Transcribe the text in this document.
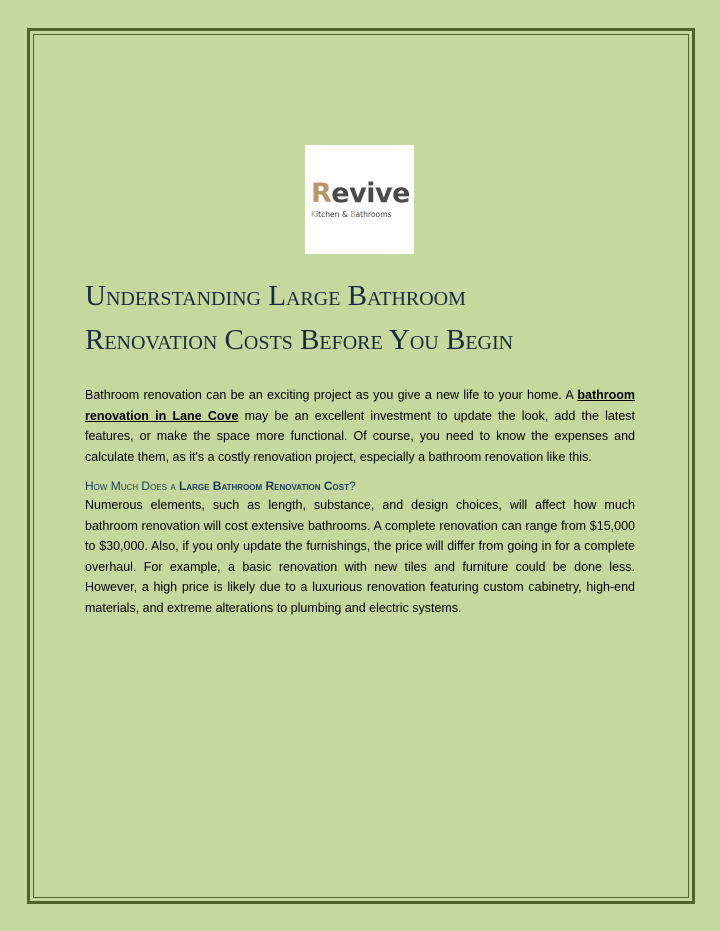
Revive
Kitchen & Bathrooms
Understanding Large Bathroom
Renovation Costs Before You Begin

Bathroom renovation can be an exciting project as you give a new life to your home. A bathroom renovation in Lane Cove may be an excellent investment to update the look, add the latest features, or make the space more functional. Of course, you need to know the expenses and calculate them, as it's a costly renovation project, especially a bathroom renovation like this.

How Much Does a Large Bathroom Renovation Cost?

Numerous elements, such as length, substance, and design choices, will affect how much bathroom renovation will cost extensive bathrooms. A complete renovation can range from $15,000 to $30,000. Also, if you only update the furnishings, the price will differ from going in for a complete overhaul. For example, a basic renovation with new tiles and furniture could be done less. However, a high price is likely due to a luxurious renovation featuring custom cabinetry, high-end materials, and extreme alterations to plumbing and electric systems.
